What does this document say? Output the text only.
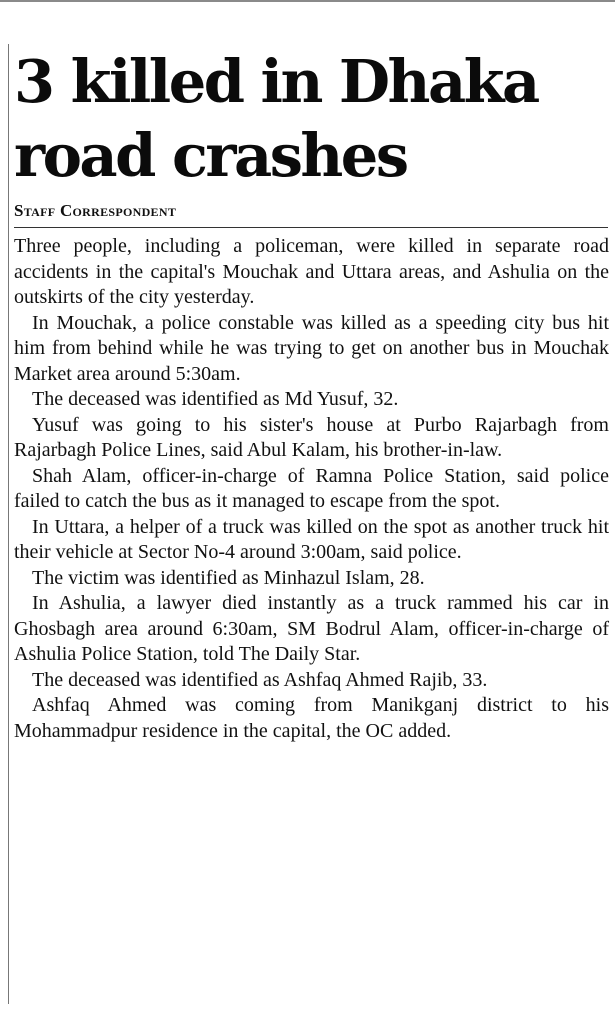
3 killed in Dhaka road crashes
Staff Correspondent

Three people, including a policeman, were killed in separate road accidents in the capital's Mouchak and Uttara areas, and Ashulia on the outskirts of the city yesterday.

In Mouchak, a police constable was killed as a speeding city bus hit him from behind while he was trying to get on another bus in Mouchak Market area around 5:30am.

The deceased was identified as Md Yusuf, 32.

Yusuf was going to his sister's house at Purbo Rajarbagh from Rajarbagh Police Lines, said Abul Kalam, his brother-in-law.

Shah Alam, officer-in-charge of Ramna Police Station, said police failed to catch the bus as it managed to escape from the spot.

In Uttara, a helper of a truck was killed on the spot as another truck hit their vehicle at Sector No-4 around 3:00am, said police.

The victim was identified as Minhazul Islam, 28.

In Ashulia, a lawyer died instantly as a truck rammed his car in Ghosbagh area around 6:30am, SM Bodrul Alam, officer-in-charge of Ashulia Police Station, told The Daily Star.

The deceased was identified as Ashfaq Ahmed Rajib, 33.

Ashfaq Ahmed was coming from Manikganj district to his Mohammadpur residence in the capital, the OC added.
